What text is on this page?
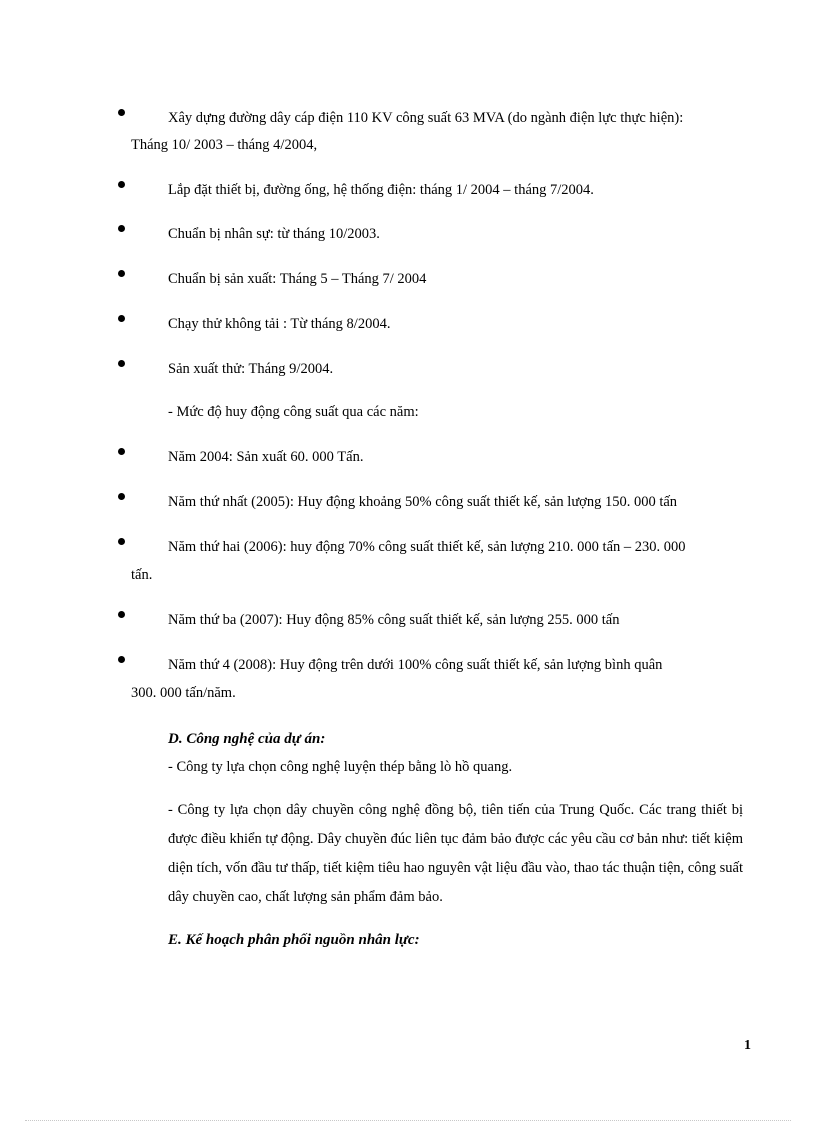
Xây dựng đường dây cáp điện 110 KV công suất 63 MVA (do ngành điện lực thực hiện):
Tháng 10/ 2003 – tháng 4/2004,
Lắp đặt thiết bị, đường ống, hệ thống điện: tháng 1/ 2004 – tháng 7/2004.
Chuẩn bị nhân sự: từ tháng 10/2003.
Chuẩn bị sản xuất: Tháng 5 – Tháng 7/ 2004
Chạy thử không tải : Từ tháng 8/2004.
Sản xuất thử: Tháng 9/2004.
- Mức độ huy động công suất qua các năm:
Năm 2004: Sản xuất 60. 000 Tấn.
Năm thứ nhất (2005): Huy động khoảng 50% công suất thiết kế, sản lượng 150. 000 tấn
Năm thứ hai (2006): huy động 70% công suất thiết kế, sản lượng 210. 000 tấn – 230. 000
tấn.
Năm thứ ba (2007): Huy động 85% công suất thiết kế, sản lượng 255. 000 tấn
Năm thứ 4 (2008): Huy động trên dưới 100% công suất thiết kế, sản lượng bình quân
300. 000 tấn/năm.
D. Công nghệ của dự án:
- Công ty lựa chọn công nghệ luyện thép bằng lò hồ quang.
- Công ty lựa chọn dây chuyền công nghệ đồng bộ, tiên tiến của Trung Quốc. Các trang thiết bị được điều khiển tự động. Dây chuyền đúc liên tục đảm bảo được các yêu cầu cơ bản như: tiết kiệm diện tích, vốn đầu tư thấp, tiết kiệm tiêu hao nguyên vật liệu đầu vào, thao tác thuận tiện, công suất dây chuyền cao, chất lượng sản phẩm đảm bảo.
E. Kế hoạch phân phối nguồn nhân lực:
1
